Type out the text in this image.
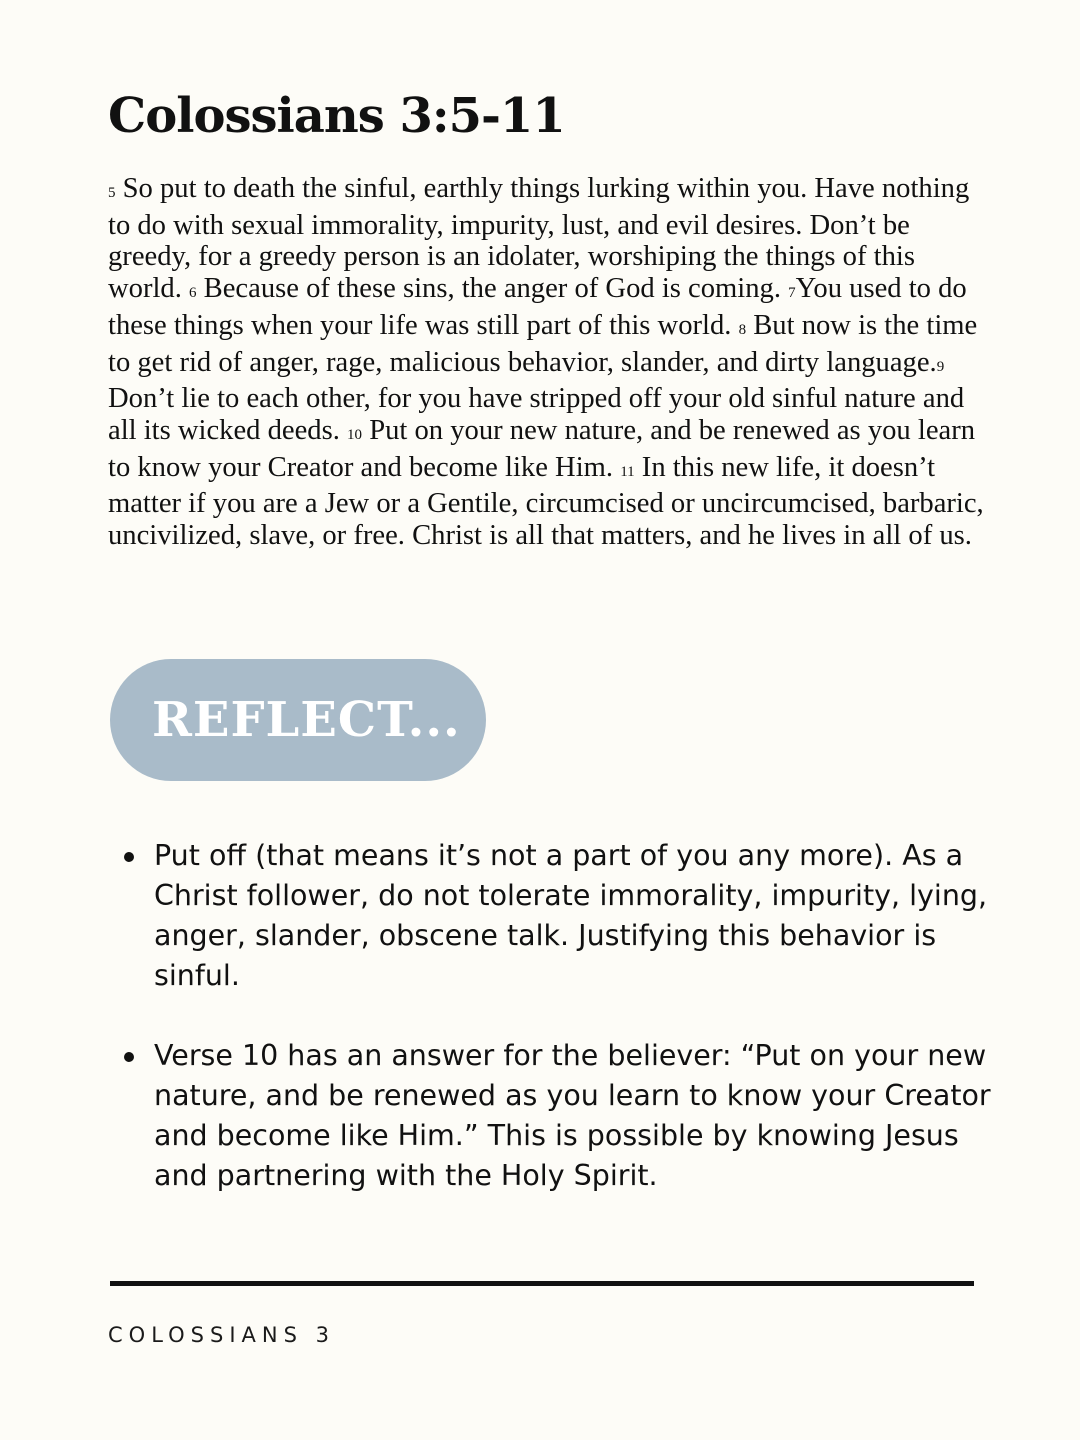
Colossians 3:5-11

5 So put to death the sinful, earthly things lurking within you. Have nothing to do with sexual immorality, impurity, lust, and evil desires. Don’t be greedy, for a greedy person is an idolater, worshiping the things of this world. 6 Because of these sins, the anger of God is coming. 7You used to do these things when your life was still part of this world. 8 But now is the time to get rid of anger, rage, malicious behavior, slander, and dirty language.9 Don’t lie to each other, for you have stripped off your old sinful nature and all its wicked deeds. 10 Put on your new nature, and be renewed as you learn to know your Creator and become like Him. 11 In this new life, it doesn’t matter if you are a Jew or a Gentile, circumcised or uncircumcised, barbaric, uncivilized, slave, or free. Christ is all that matters, and he lives in all of us.

REFLECT...
Put off (that means it’s not a part of you any more). As a Christ follower, do not tolerate immorality, impurity, lying, anger, slander, obscene talk. Justifying this behavior is sinful.
Verse 10 has an answer for the believer: “Put on your new nature, and be renewed as you learn to know your Creator and become like Him.” This is possible by knowing Jesus and partnering with the Holy Spirit.
COLOSSIANS 3
